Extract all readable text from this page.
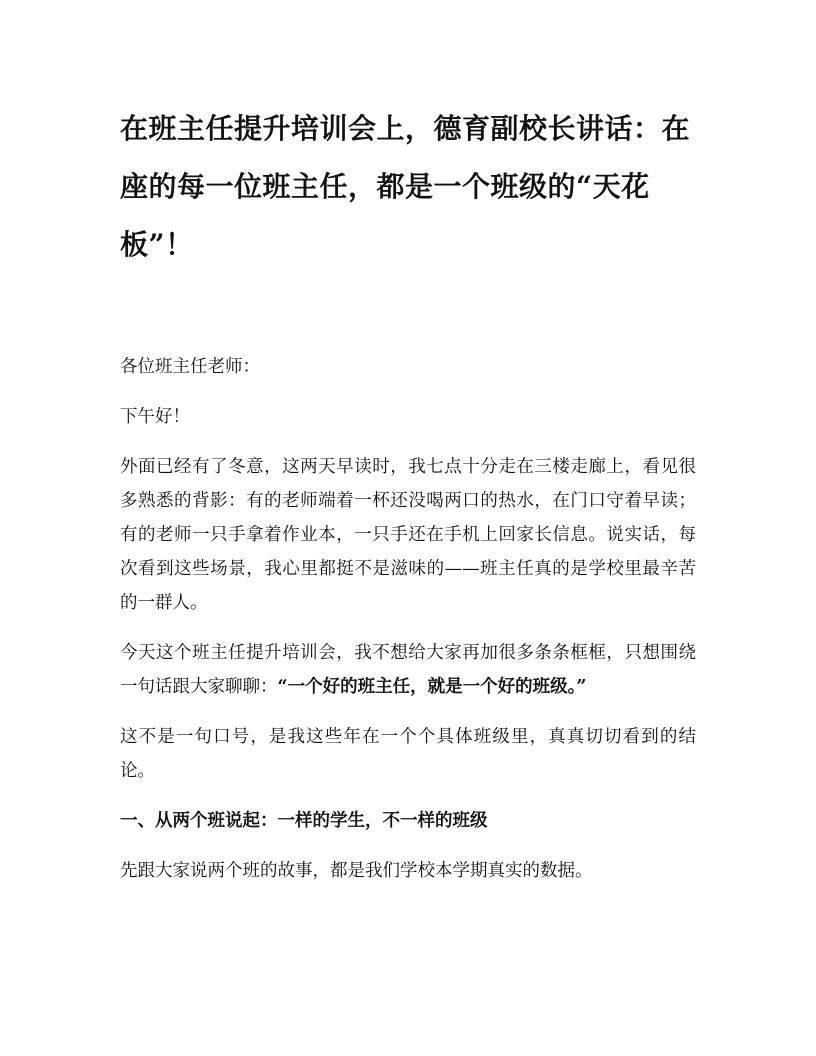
在班主任提升培训会上，德育副校长讲话：在座的每一位班主任，都是一个班级的“天花板”！

各位班主任老师：

下午好！

外面已经有了冬意，这两天早读时，我七点十分走在三楼走廊上，看见很多熟悉的背影：有的老师端着一杯还没喝两口的热水，在门口守着早读；有的老师一只手拿着作业本，一只手还在手机上回家长信息。说实话，每次看到这些场景，我心里都挺不是滋味的——班主任真的是学校里最辛苦的一群人。

今天这个班主任提升培训会，我不想给大家再加很多条条框框，只想围绕一句话跟大家聊聊：“一个好的班主任，就是一个好的班级。”

这不是一句口号，是我这些年在一个个具体班级里，真真切切看到的结论。

一、从两个班说起：一样的学生，不一样的班级

先跟大家说两个班的故事，都是我们学校本学期真实的数据。
